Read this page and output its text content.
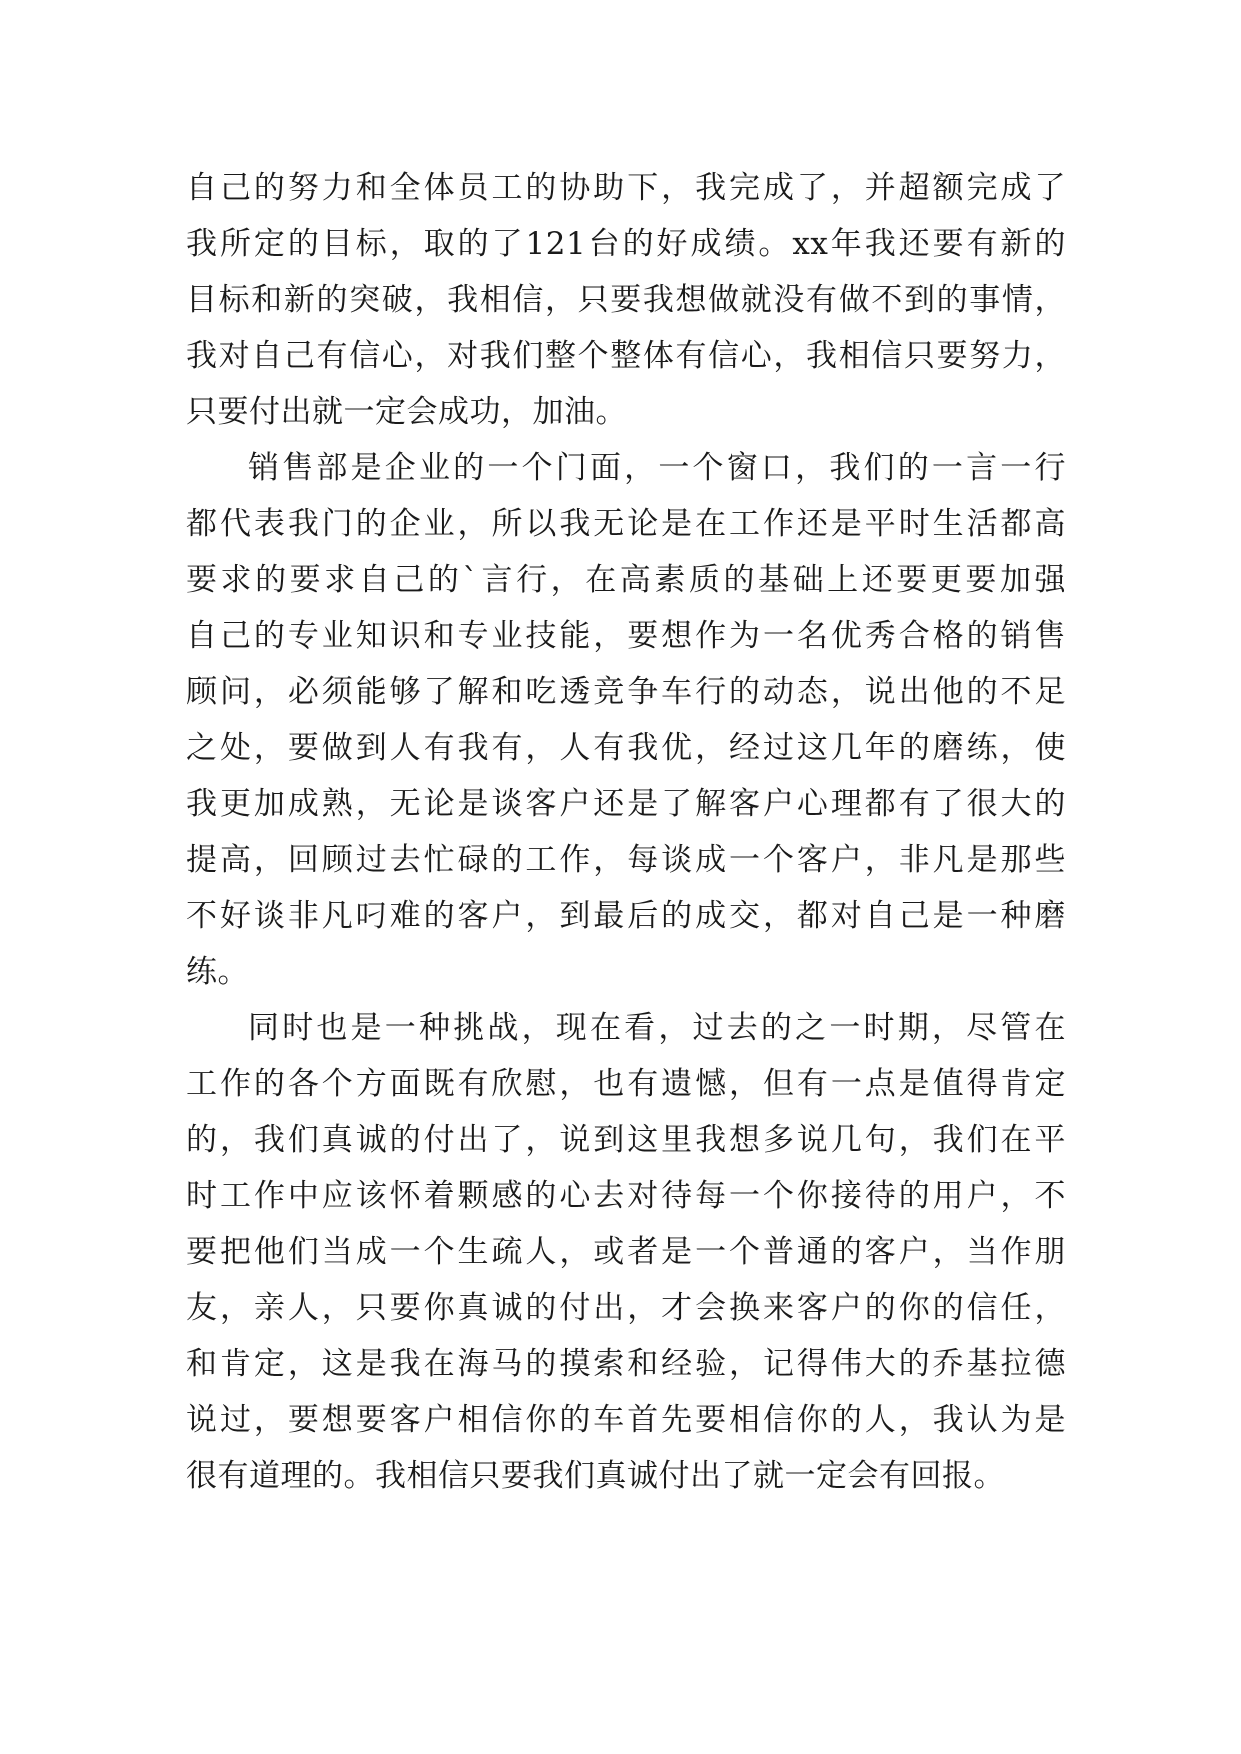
自己的努力和全体员工的协助下，我完成了，并超额完成了
我所定的目标，取的了121台的好成绩。xx年我还要有新的
目标和新的突破，我相信，只要我想做就没有做不到的事情，
我对自己有信心，对我们整个整体有信心，我相信只要努力，
只要付出就一定会成功，加油。
销售部是企业的一个门面，一个窗口，我们的一言一行
都代表我门的企业，所以我无论是在工作还是平时生活都高
要求的要求自己的`言行，在高素质的基础上还要更要加强
自己的专业知识和专业技能，要想作为一名优秀合格的销售
顾问，必须能够了解和吃透竞争车行的动态，说出他的不足
之处，要做到人有我有，人有我优，经过这几年的磨练，使
我更加成熟，无论是谈客户还是了解客户心理都有了很大的
提高，回顾过去忙碌的工作，每谈成一个客户，非凡是那些
不好谈非凡叼难的客户，到最后的成交，都对自己是一种磨
练。
同时也是一种挑战，现在看，过去的之一时期，尽管在
工作的各个方面既有欣慰，也有遗憾，但有一点是值得肯定
的，我们真诚的付出了，说到这里我想多说几句，我们在平
时工作中应该怀着颗感的心去对待每一个你接待的用户，不
要把他们当成一个生疏人，或者是一个普通的客户，当作朋
友，亲人，只要你真诚的付出，才会换来客户的你的信任，
和肯定，这是我在海马的摸索和经验，记得伟大的乔基拉德
说过，要想要客户相信你的车首先要相信你的人，我认为是
很有道理的。我相信只要我们真诚付出了就一定会有回报。
